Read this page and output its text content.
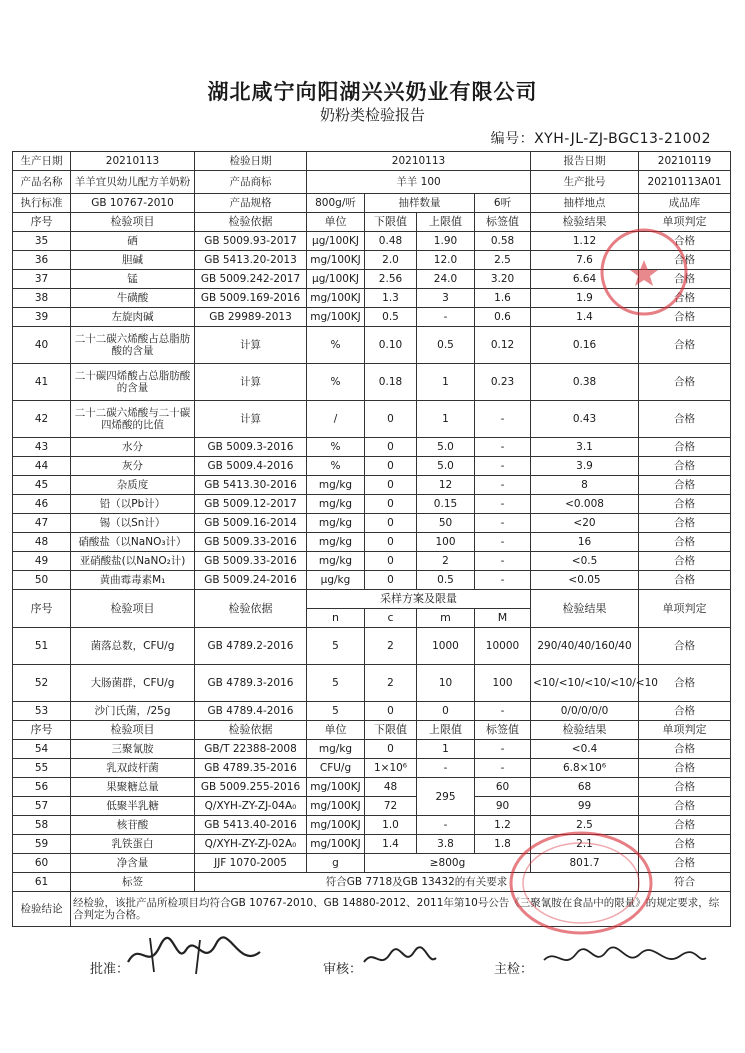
湖北咸宁向阳湖兴兴奶业有限公司
奶粉类检验报告
编号：XYH-JL-ZJ-BGC13-21002
生产日期	20210113	检验日期	20210113				报告日期	20210119
产品名称	羊羊宜贝幼儿配方羊奶粉	产品商标	羊羊 100				生产批号	20210113A01
执行标准	GB 10767-2010	产品规格	800g/听	抽样数量		6听	抽样地点	成品库
序号	检验项目	检验依据	单位	下限值	上限值	标签值	检验结果	单项判定
35	硒	GB 5009.93-2017	μg/100KJ	0.48	1.90	0.58	1.12	合格
36	胆碱	GB 5413.20-2013	mg/100KJ	2.0	12.0	2.5	7.6	合格
37	锰	GB 5009.242-2017	μg/100KJ	2.56	24.0	3.20	6.64	合格
38	牛磺酸	GB 5009.169-2016	mg/100KJ	1.3	3	1.6	1.9	合格
39	左旋肉碱	GB 29989-2013	mg/100KJ	0.5	-	0.6	1.4	合格
40	二十二碳六烯酸占总脂肪酸的含量	计算	%	0.10	0.5	0.12	0.16	合格
41	二十碳四烯酸占总脂肪酸的含量	计算	%	0.18	1	0.23	0.38	合格
42	二十二碳六烯酸与二十碳四烯酸的比值	计算	/	0	1	-	0.43	合格
43	水分	GB 5009.3-2016	%	0	5.0	-	3.1	合格
44	灰分	GB 5009.4-2016	%	0	5.0	-	3.9	合格
45	杂质度	GB 5413.30-2016	mg/kg	0	12	-	8	合格
46	铅（以Pb计）	GB 5009.12-2017	mg/kg	0	0.15	-	<0.008	合格
47	锡（以Sn计）	GB 5009.16-2014	mg/kg	0	50	-	<20	合格
48	硝酸盐（以NaNO₃计）	GB 5009.33-2016	mg/kg	0	100	-	16	合格
49	亚硝酸盐(以NaNO₂计)	GB 5009.33-2016	mg/kg	0	2	-	<0.5	合格
50	黄曲霉毒素M₁	GB 5009.24-2016	μg/kg	0	0.5	-	<0.05	合格
序号	检验项目	检验依据	采样方案及限量				检验结果	单项判定
			n	c	m	M		
51	菌落总数，CFU/g	GB 4789.2-2016	5	2	1000	10000	290/40/40/160/40	合格
52	大肠菌群，CFU/g	GB 4789.3-2016	5	2	10	100	<10/<10/<10/<10/<10	合格
53	沙门氏菌，/25g	GB 4789.4-2016	5	0	0	-	0/0/0/0/0	合格
序号	检验项目	检验依据	单位	下限值	上限值	标签值	检验结果	单项判定
54	三聚氰胺	GB/T 22388-2008	mg/kg	0	1	-	<0.4	合格
55	乳双歧杆菌	GB 4789.35-2016	CFU/g	1×10⁶	-	-	6.8×10⁶	合格
56	果聚糖总量	GB 5009.255-2016	mg/100KJ	48	295	60	68	合格
57	低聚半乳糖	Q/XYH-ZY-ZJ-04A₀	mg/100KJ	72		90	99	合格
58	核苷酸	GB 5413.40-2016	mg/100KJ	1.0	-	1.2	2.5	合格
59	乳铁蛋白	Q/XYH-ZY-ZJ-02A₀	mg/100KJ	1.4	3.8	1.8	2.1	合格
60	净含量	JJF 1070-2005	g	≥800g			801.7	合格
61	标签	符合GB 7718及GB 13432的有关要求						符合
检验结论	经检验，该批产品所检项目均符合GB 10767-2010、GB 14880-2012、2011年第10号公告《三聚氰胺在食品中的限量》的规定要求，综合判定为合格。							
批准：	审核：	主检：
